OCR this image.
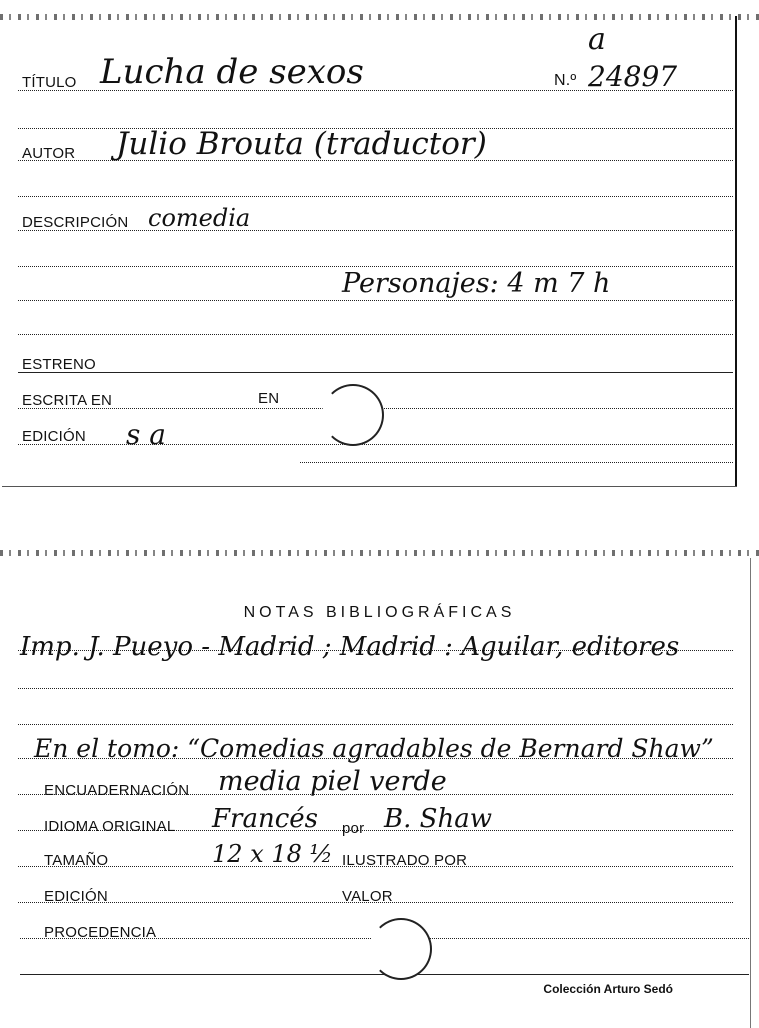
TÍTULO Lucha de sexos	N.º
a
24897
AUTOR Julio Brouta (traductor)
DESCRIPCIÓN comedia
Personajes: 4 m 7 h
ESTRENO
ESCRITA EN	EN
EDICIÓN s a
NOTAS BIBLIOGRÁFICAS
Imp. J. Pueyo - Madrid ; Madrid : Aguilar, editores
En el tomo: “Comedias agradables de Bernard Shaw”
ENCUADERNACIÓN media piel verde
IDIOMA ORIGINAL Francés por B. Shaw
TAMAÑO	12 x 18 ½ ILUSTRADO POR
EDICIÓN	VALOR
PROCEDENCIA
Colección Arturo Sedó
